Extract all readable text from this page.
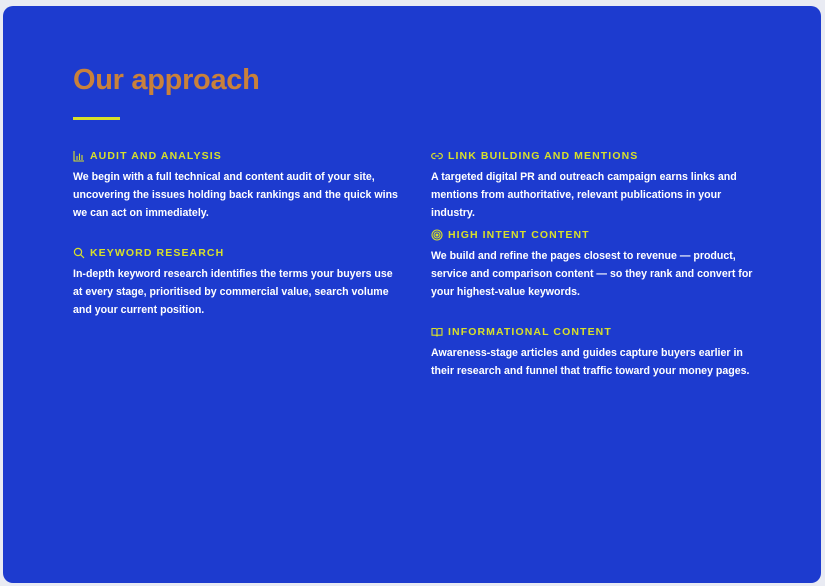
Our approach
AUDIT AND ANALYSIS
We begin with a full technical and content audit of your site, uncovering the issues holding back rankings and the quick wins we can act on immediately.
KEYWORD RESEARCH
In-depth keyword research identifies the terms your buyers use at every stage, prioritised by commercial value, search volume and your current position.
LINK BUILDING AND MENTIONS
A targeted digital PR and outreach campaign earns links and mentions from authoritative, relevant publications in your industry.
HIGH INTENT CONTENT
We build and refine the pages closest to revenue — product, service and comparison content — so they rank and convert for your highest-value keywords.
INFORMATIONAL CONTENT
Awareness-stage articles and guides capture buyers earlier in their research and funnel that traffic toward your money pages.
